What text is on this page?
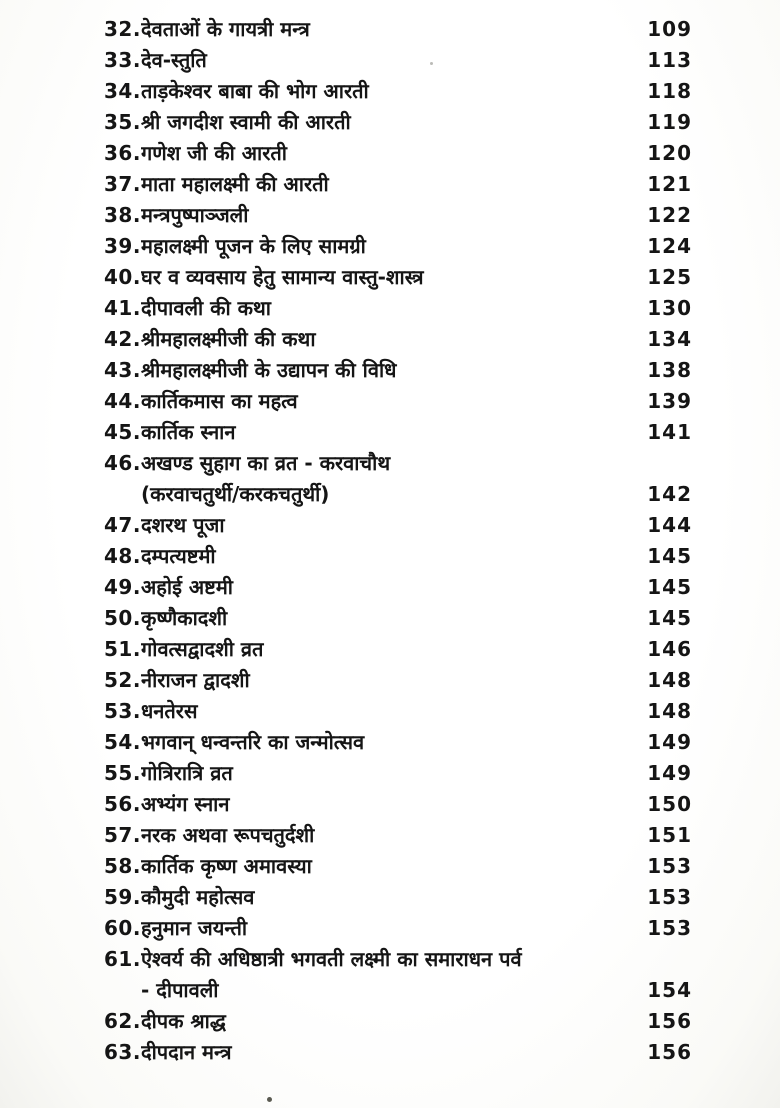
32. देवताओं के गायत्री मन्त्र	109
33. देव-स्तुति	113
34. ताड़केश्वर बाबा की भोग आरती	118
35. श्री जगदीश स्वामी की आरती	119
36. गणेश जी की आरती	120
37. माता महालक्ष्मी की आरती	121
38. मन्त्रपुष्पाञ्जली	122
39. महालक्ष्मी पूजन के लिए सामग्री	124
40. घर व व्यवसाय हेतु सामान्य वास्तु-शास्त्र	125
41. दीपावली की कथा	130
42. श्रीमहालक्ष्मीजी की कथा	134
43. श्रीमहालक्ष्मीजी के उद्यापन की विधि	138
44. कार्तिकमास का महत्व	139
45. कार्तिक स्नान	141
46. अखण्ड सुहाग का व्रत - करवाचौथ
(करवाचतुर्थी/करकचतुर्थी)	142
47. दशरथ पूजा	144
48. दम्पत्यष्टमी	145
49. अहोई अष्टमी	145
50. कृष्णैकादशी	145
51. गोवत्सद्वादशी व्रत	146
52. नीराजन द्वादशी	148
53. धनतेरस	148
54. भगवान् धन्वन्तरि का जन्मोत्सव	149
55. गोत्रिरात्रि व्रत	149
56. अभ्यंग स्नान	150
57. नरक अथवा रूपचतुर्दशी	151
58. कार्तिक कृष्ण अमावस्या	153
59. कौमुदी महोत्सव	153
60. हनुमान जयन्ती	153
61. ऐश्वर्य की अधिष्ठात्री भगवती लक्ष्मी का समाराधन पर्व
- दीपावली	154
62. दीपक श्राद्ध	156
63. दीपदान मन्त्र	156
